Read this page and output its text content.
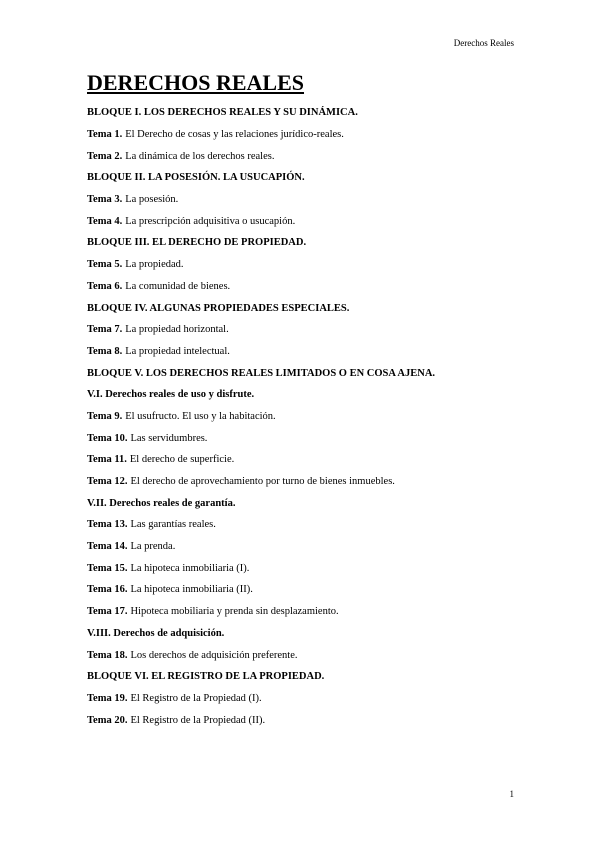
Derechos Reales
DERECHOS REALES
BLOQUE I. LOS DERECHOS REALES Y SU DINÁMICA.
Tema 1. El Derecho de cosas y las relaciones jurídico-reales.
Tema 2. La dinámica de los derechos reales.
BLOQUE II. LA POSESIÓN. LA USUCAPIÓN.
Tema 3. La posesión.
Tema 4. La prescripción adquisitiva o usucapión.
BLOQUE III. EL DERECHO DE PROPIEDAD.
Tema 5. La propiedad.
Tema 6. La comunidad de bienes.
BLOQUE IV. ALGUNAS PROPIEDADES ESPECIALES.
Tema 7. La propiedad horizontal.
Tema 8. La propiedad intelectual.
BLOQUE V. LOS DERECHOS REALES LIMITADOS O EN COSA AJENA.
V.I. Derechos reales de uso y disfrute.
Tema 9. El usufructo. El uso y la habitación.
Tema 10. Las servidumbres.
Tema 11. El derecho de superficie.
Tema 12. El derecho de aprovechamiento por turno de bienes inmuebles.
V.II. Derechos reales de garantía.
Tema 13. Las garantías reales.
Tema 14. La prenda.
Tema 15. La hipoteca inmobiliaria (I).
Tema 16. La hipoteca inmobiliaria (II).
Tema 17. Hipoteca mobiliaria y prenda sin desplazamiento.
V.III. Derechos de adquisición.
Tema 18. Los derechos de adquisición preferente.
BLOQUE VI. EL REGISTRO DE LA PROPIEDAD.
Tema 19. El Registro de la Propiedad (I).
Tema 20. El Registro de la Propiedad (II).
1
